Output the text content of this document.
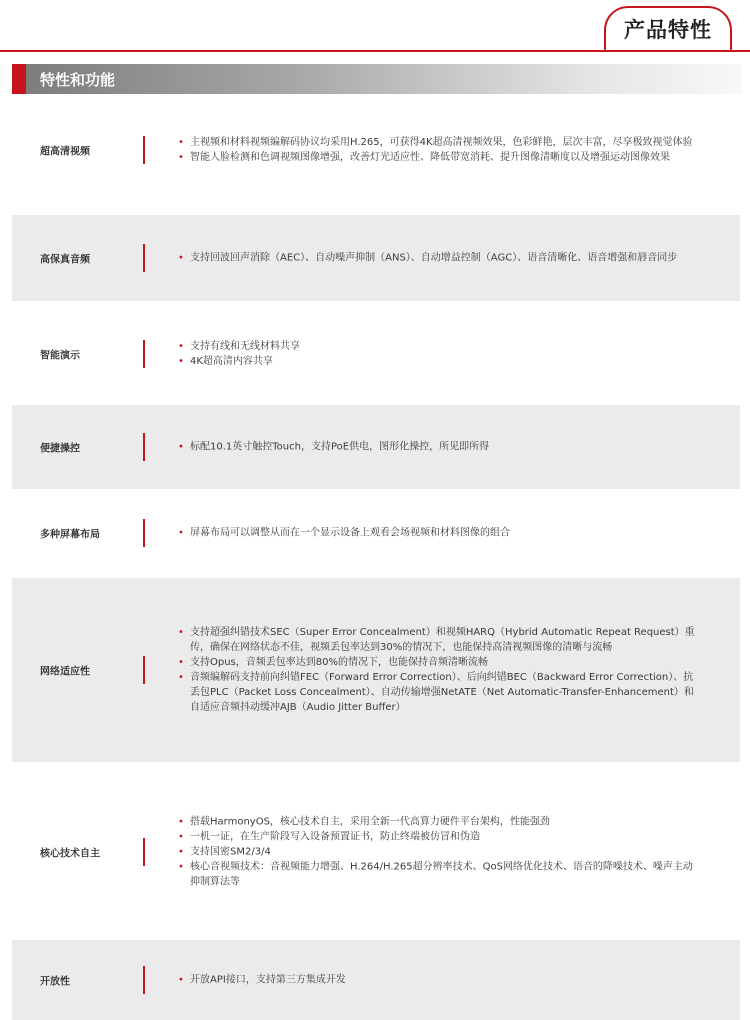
产品特性
特性和功能
超高清视频
• 主视频和材料视频编解码协议均采用H.265，可获得4K超高清视频效果，色彩鲜艳，层次丰富，尽享极致视觉体验
• 智能人脸检测和色调视频图像增强，改善灯光适应性、降低带宽消耗、提升图像清晰度以及增强运动图像效果
高保真音频	• 支持回波回声消除（AEC）、自动噪声抑制（ANS）、自动增益控制（AGC）、语音清晰化、语音增强和唇音同步
智能演示
• 支持有线和无线材料共享
• 4K超高清内容共享
便捷操控	• 标配10.1英寸触控Touch，支持PoE供电，图形化操控，所见即所得
多种屏幕布局	• 屏幕布局可以调整从而在一个显示设备上观看会场视频和材料图像的组合
网络适应性
• 支持超强纠错技术SEC（Super Error Concealment）和视频HARQ（Hybrid Automatic Repeat Request）重传，确保在网络状态不佳，视频丢包率达到30%的情况下，也能保持高清视频图像的清晰与流畅
• 支持Opus，音频丢包率达到80%的情况下，也能保持音频清晰流畅
• 音频编解码支持前向纠错FEC（Forward Error Correction）、后向纠错BEC（Backward Error Correction）、抗丢包PLC（Packet Loss Concealment）、自动传输增强NetATE（Net Automatic-Transfer-Enhancement）和自适应音频抖动缓冲AJB（Audio Jitter Buffer）
核心技术自主
• 搭载HarmonyOS，核心技术自主，采用全新一代高算力硬件平台架构，性能强劲
• 一机一证，在生产阶段写入设备预置证书，防止终端被仿冒和伪造
• 支持国密SM2/3/4
• 核心音视频技术：音视频能力增强、H.264/H.265超分辨率技术、QoS网络优化技术、语音的降噪技术、噪声主动抑制算法等
开放性	• 开放API接口，支持第三方集成开发
